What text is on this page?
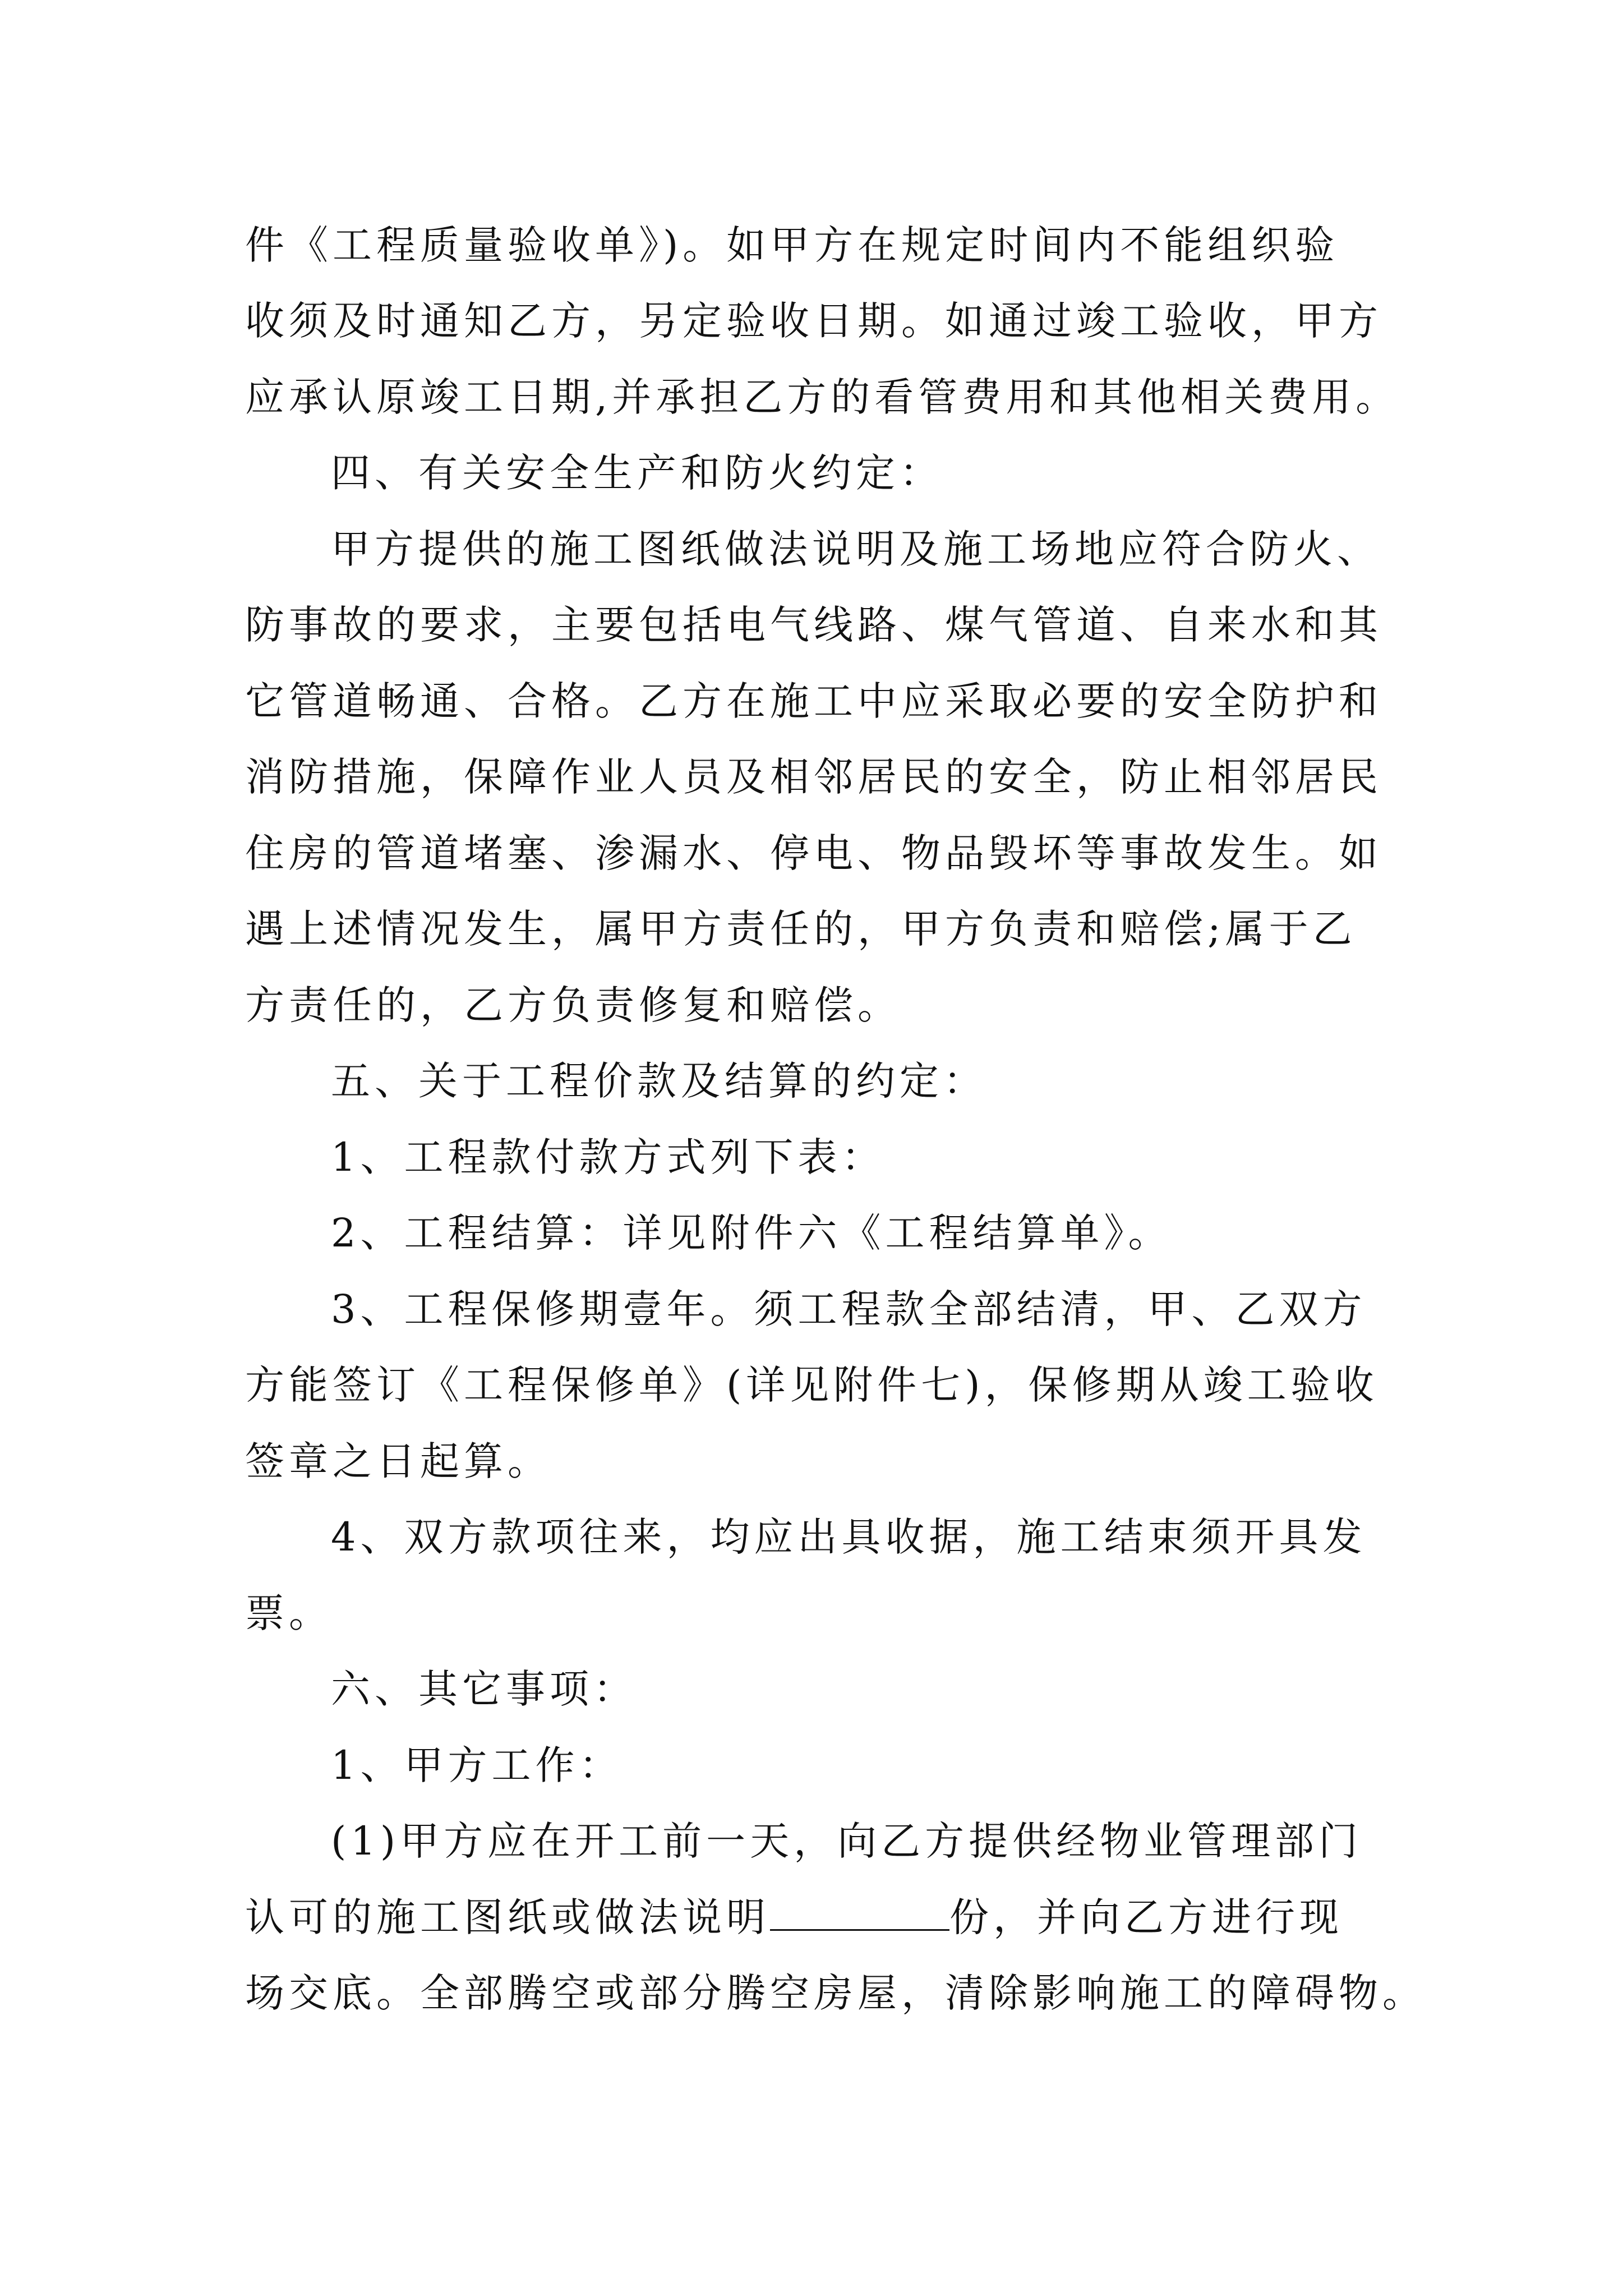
件《工程质量验收单》)。如甲方在规定时间内不能组织验
收须及时通知乙方，另定验收日期。如通过竣工验收，甲方
应承认原竣工日期,并承担乙方的看管费用和其他相关费用。
四、有关安全生产和防火约定：
甲方提供的施工图纸做法说明及施工场地应符合防火、
防事故的要求，主要包括电气线路、煤气管道、自来水和其
它管道畅通、合格。乙方在施工中应采取必要的安全防护和
消防措施，保障作业人员及相邻居民的安全，防止相邻居民
住房的管道堵塞、渗漏水、停电、物品毁坏等事故发生。如
遇上述情况发生，属甲方责任的，甲方负责和赔偿;属于乙
方责任的，乙方负责修复和赔偿。
五、关于工程价款及结算的约定：
1、工程款付款方式列下表：
2、工程结算：详见附件六《工程结算单》。
3、工程保修期壹年。须工程款全部结清，甲、乙双方
方能签订《工程保修单》(详见附件七)，保修期从竣工验收
签章之日起算。
4、双方款项往来，均应出具收据，施工结束须开具发
票。
六、其它事项：
1、甲方工作：
(1)甲方应在开工前一天，向乙方提供经物业管理部门
认可的施工图纸或做法说明	份，并向乙方进行现
场交底。全部腾空或部分腾空房屋，清除影响施工的障碍物。
